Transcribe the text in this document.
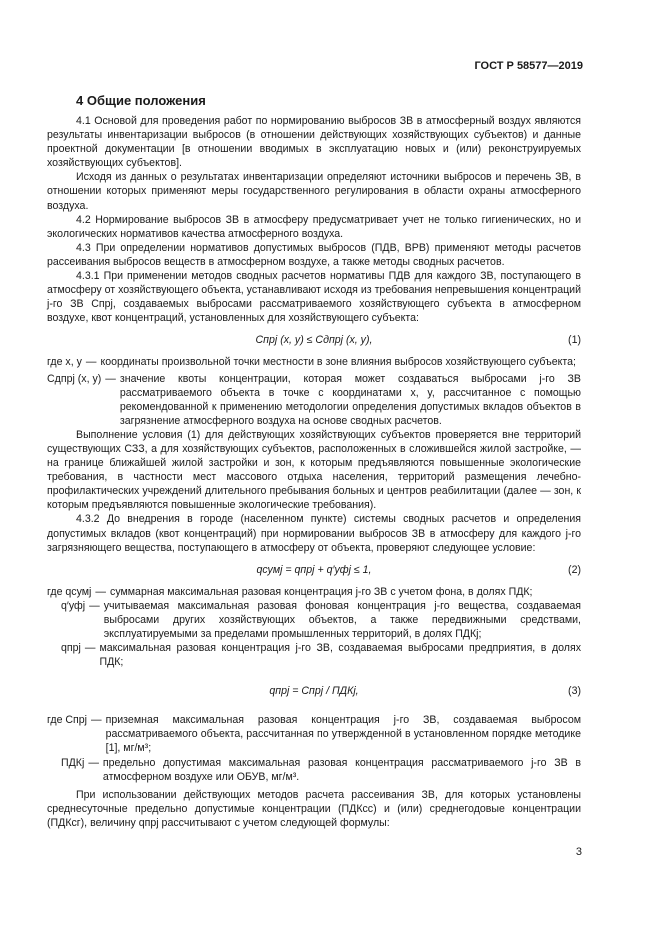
ГОСТ Р 58577—2019
4 Общие положения

4.1 Основой для проведения работ по нормированию выбросов ЗВ в атмосферный воздух являются результаты инвентаризации выбросов (в отношении действующих хозяйствующих субъектов) и данные проектной документации [в отношении вводимых в эксплуатацию новых и (или) реконструируемых хозяйствующих субъектов].

Исходя из данных о результатах инвентаризации определяют источники выбросов и перечень ЗВ, в отношении которых применяют меры государственного регулирования в области охраны атмосферного воздуха.

4.2 Нормирование выбросов ЗВ в атмосферу предусматривает учет не только гигиенических, но и экологических нормативов качества атмосферного воздуха.

4.3 При определении нормативов допустимых выбросов (ПДВ, ВРВ) применяют методы расчетов рассеивания выбросов веществ в атмосферном воздухе, а также методы сводных расчетов.

4.3.1 При применении методов сводных расчетов нормативы ПДВ для каждого ЗВ, поступающего в атмосферу от хозяйствующего объекта, устанавливают исходя из требования непревышения концентраций j-го ЗВ Cпрj, создаваемых выбросами рассматриваемого хозяйствующего субъекта в атмосферном воздухе, квот концентраций, установленных для хозяйствующего субъекта:

Cпрj (x, y) ≤ Cдпрj (x, y),	(1)
где x, y — координаты произвольной точки местности в зоне влияния выбросов хозяйствующего субъекта;
Cдпрj (x, y) — значение квоты концентрации, которая может создаваться выбросами j-го ЗВ рассматриваемого объекта в точке с координатами x, y, рассчитанное с помощью рекомендованной к применению методологии определения допустимых вкладов объектов в загрязнение атмосферного воздуха на основе сводных расчетов.

Выполнение условия (1) для действующих хозяйствующих субъектов проверяется вне территорий существующих СЗЗ, а для хозяйствующих субъектов, расположенных в сложившейся жилой застройке, — на границе ближайшей жилой застройки и зон, к которым предъявляются повышенные экологические требования, в частности мест массового отдыха населения, территорий размещения лечебно-профилактических учреждений длительного пребывания больных и центров реабилитации (далее — зон, к которым предъявляются повышенные экологические требования).

4.3.2 До внедрения в городе (населенном пункте) системы сводных расчетов и определения допустимых вкладов (квот концентраций) при нормировании выбросов ЗВ в атмосферу для каждого j-го загрязняющего вещества, поступающего в атмосферу от объекта, проверяют следующее условие:

qсумj = qпрj + q′уфj ≤ 1,	(2)
где qсумj — суммарная максимальная разовая концентрация j-го ЗВ с учетом фона, в долях ПДК;
q′уфj — учитываемая максимальная разовая фоновая концентрация j-го вещества, создаваемая выбросами других хозяйствующих объектов, а также передвижными средствами, эксплуатируемыми за пределами промышленных территорий, в долях ПДКj;
qпрj — максимальная разовая концентрация j-го ЗВ, создаваемая выбросами предприятия, в долях ПДК;
qпрj = Cпрj / ПДКj,	(3)
где Cпрj — приземная максимальная разовая концентрация j-го ЗВ, создаваемая выбросом рассматриваемого объекта, рассчитанная по утвержденной в установленном порядке методике [1], мг/м³;
ПДКj — предельно допустимая максимальная разовая концентрация рассматриваемого j-го ЗВ в атмосферном воздухе или ОБУВ, мг/м³.

При использовании действующих методов расчета рассеивания ЗВ, для которых установлены среднесуточные предельно допустимые концентрации (ПДКсс) и (или) среднегодовые концентрации (ПДКсг), величину qпрj рассчитывают с учетом следующей формулы:

3
